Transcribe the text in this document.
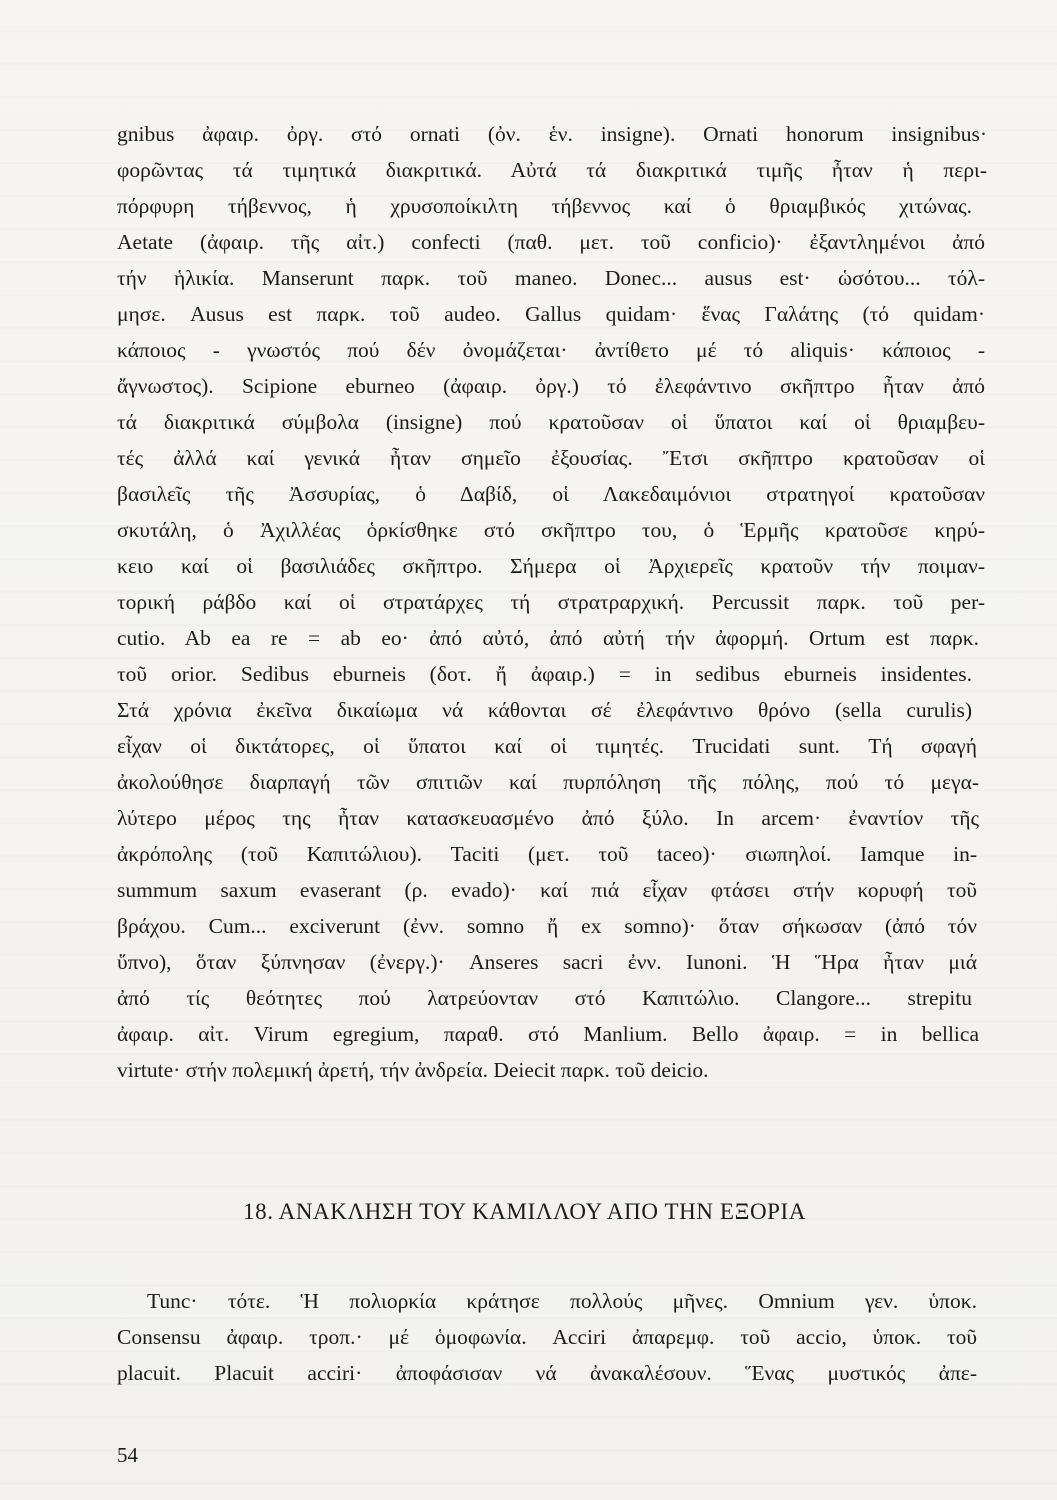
gnibus ἀφαιρ. ὀργ. στό ornati (ὀν. ἑν. insigne). Ornati honorum insignibus·
φορῶντας τά τιμητικά διακριτικά. Αὐτά τά διακριτικά τιμῆς ἦταν ἡ περι-
πόρφυρη τήβεννος, ἡ χρυσοποίκιλτη τήβεννος καί ὁ θριαμβικός χιτώνας.
Aetate (ἀφαιρ. τῆς αἰτ.) confecti (παθ. μετ. τοῦ conficio)· ἐξαντλημένοι ἀπό
τήν ἡλικία. Manserunt παρκ. τοῦ maneo. Donec... ausus est· ὡσότου... τόλ-
μησε. Ausus est παρκ. τοῦ audeo. Gallus quidam· ἕνας Γαλάτης (τό quidam·
κάποιος - γνωστός πού δέν ὀνομάζεται· ἀντίθετο μέ τό aliquis· κάποιος -
ἄγνωστος). Scipione eburneo (ἀφαιρ. ὀργ.) τό ἐλεφάντινο σκῆπτρο ἦταν ἀπό
τά διακριτικά σύμβολα (insigne) πού κρατοῦσαν οἱ ὕπατοι καί οἱ θριαμβευ-
τές ἀλλά καί γενικά ἦταν σημεῖο ἐξουσίας. Ἔτσι σκῆπτρο κρατοῦσαν οἱ
βασιλεῖς τῆς Ἀσσυρίας, ὁ Δαβίδ, οἱ Λακεδαιμόνιοι στρατηγοί κρατοῦσαν
σκυτάλη, ὁ Ἀχιλλέας ὁρκίσθηκε στό σκῆπτρο του, ὁ Ἑρμῆς κρατοῦσε κηρύ-
κειο καί οἱ βασιλιάδες σκῆπτρο. Σήμερα οἱ Ἀρχιερεῖς κρατοῦν τήν ποιμαν-
τορική ράβδο καί οἱ στρατάρχες τή στρατραρχική. Percussit παρκ. τοῦ per-
cutio. Ab ea re = ab eo· ἀπό αὐτό, ἀπό αὐτή τήν ἀφορμή. Ortum est παρκ.
τοῦ orior. Sedibus eburneis (δοτ. ἤ ἀφαιρ.) = in sedibus eburneis insidentes.
Στά χρόνια ἐκεῖνα δικαίωμα νά κάθονται σέ ἐλεφάντινο θρόνο (sella curulis)
εἶχαν οἱ δικτάτορες, οἱ ὕπατοι καί οἱ τιμητές. Trucidati sunt. Τή σφαγή
ἀκολούθησε διαρπαγή τῶν σπιτιῶν καί πυρπόληση τῆς πόλης, πού τό μεγα-
λύτερο μέρος της ἦταν κατασκευασμένο ἀπό ξύλο. In arcem· ἐναντίον τῆς
ἀκρόπολης (τοῦ Καπιτώλιου). Taciti (μετ. τοῦ taceo)· σιωπηλοί. Iamque in-
summum saxum evaserant (ρ. evado)· καί πιά εἶχαν φτάσει στήν κορυφή τοῦ
βράχου. Cum... exciverunt (ἐνν. somno ἤ ex somno)· ὅταν σήκωσαν (ἀπό τόν
ὕπνο), ὅταν ξύπνησαν (ἐνεργ.)· Anseres sacri ἐνν. Iunoni. Ἡ Ἥρα ἦταν μιά
ἀπό τίς θεότητες πού λατρεύονταν στό Καπιτώλιο. Clangore... strepitu
ἀφαιρ. αἰτ. Virum egregium, παραθ. στό Manlium. Bello ἀφαιρ. = in bellica
virtute· στήν πολεμική ἀρετή, τήν ἀνδρεία. Deiecit παρκ. τοῦ deicio.
18. ΑΝΑΚΛΗΣΗ ΤΟΥ ΚΑΜΙΛΛΟΥ ΑΠΟ ΤΗΝ ΕΞΟΡΙΑ
Tunc· τότε. Ἡ πολιορκία κράτησε πολλούς μῆνες. Omnium γεν. ὑποκ.
Consensu ἀφαιρ. τροπ.· μέ ὁμοφωνία. Acciri ἀπαρεμφ. τοῦ accio, ὑποκ. τοῦ
placuit. Placuit acciri· ἀποφάσισαν νά ἀνακαλέσουν. Ἕνας μυστικός ἀπε-
54
